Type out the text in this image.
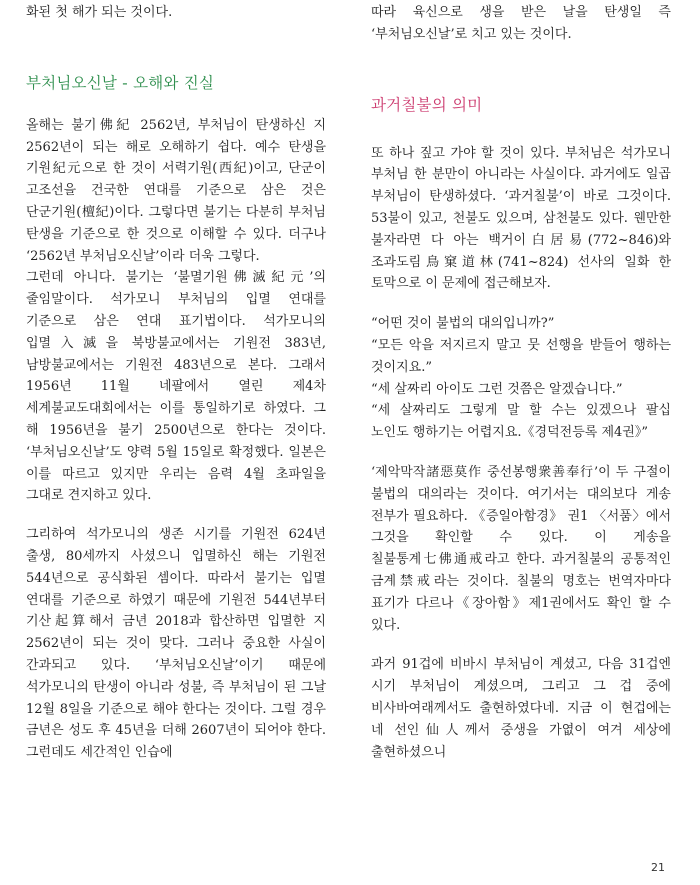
화된 첫 해가 되는 것이다.

부처님오신날 - 오해와 진실

올해는 불기佛紀 2562년, 부처님이 탄생하신 지 2562년이 되는 해로 오해하기 쉽다. 예수 탄생을 기원紀元으로 한 것이 서력기원(西紀)이고, 단군이 고조선을 건국한 연대를 기준으로 삼은 것은 단군기원(檀紀)이다. 그렇다면 불기는 다분히 부처님 탄생을 기준으로 한 것으로 이해할 수 있다. 더구나 ‘2562년 부처님오신날’이라 더욱 그렇다.

그런데 아니다. 불기는 ‘불멸기원佛滅紀元’의 줄임말이다. 석가모니 부처님의 입멸 연대를 기준으로 삼은 연대 표기법이다. 석가모니의 입멸入滅을 북방불교에서는 기원전 383년, 남방불교에서는 기원전 483년으로 본다. 그래서 1956년 11월 네팔에서 열린 제4차 세계불교도대회에서는 이를 통일하기로 하였다. 그 해 1956년을 불기 2500년으로 한다는 것이다. ‘부처님오신날’도 양력 5월 15일로 확정했다. 일본은 이를 따르고 있지만 우리는 음력 4월 초파일을 그대로 견지하고 있다.

그리하여 석가모니의 생존 시기를 기원전 624년 출생, 80세까지 사셨으니 입멸하신 해는 기원전 544년으로 공식화된 셈이다. 따라서 불기는 입멸 연대를 기준으로 하였기 때문에 기원전 544년부터 기산起算해서 금년 2018과 합산하면 입멸한 지 2562년이 되는 것이 맞다. 그러나 중요한 사실이 간과되고 있다. ‘부처님오신날’이기 때문에 석가모니의 탄생이 아니라 성불, 즉 부처님이 된 그날 12월 8일을 기준으로 해야 한다는 것이다. 그럴 경우 금년은 성도 후 45년을 더해 2607년이 되어야 한다. 그런데도 세간적인 인습에

따라 육신으로 생을 받은 날을 탄생일 즉 ‘부처님오신날’로 치고 있는 것이다.

과거칠불의 의미

또 하나 짚고 가야 할 것이 있다. 부처님은 석가모니 부처님 한 분만이 아니라는 사실이다. 과거에도 일곱 부처님이 탄생하셨다. ‘과거칠불’이 바로 그것이다. 53불이 있고, 천불도 있으며, 삼천불도 있다. 웬만한 불자라면 다 아는 백거이白居易(772~846)와 조과도림鳥窠道林(741~824) 선사의 일화 한 토막으로 이 문제에 접근해보자.

“어떤 것이 불법의 대의입니까?”

“모든 악을 저지르지 말고 뭇 선행을 받들어 행하는 것이지요.”

“세 살짜리 아이도 그런 것쯤은 알겠습니다.”

“세 살짜리도 그렇게 말 할 수는 있겠으나 팔십 노인도 행하기는 어렵지요.《경덕전등록 제4권》”

‘제악막작諸惡莫作 중선봉행衆善奉行’이 두 구절이 불법의 대의라는 것이다. 여기서는 대의보다 게송 전부가 필요하다. 《증일아함경》 권1 〈서품〉에서 그것을 확인할 수 있다. 이 게송을 칠불통계七佛通戒라고 한다. 과거칠불의 공통적인 금계禁戒라는 것이다. 칠불의 명호는 번역자마다 표기가 다르나《장아함》제1권에서도 확인 할 수 있다.

과거 91겁에 비바시 부처님이 계셨고, 다음 31겁엔 시기 부처님이 계셨으며, 그리고 그 겁 중에 비사바여래께서도 출현하였다네. 지금 이 현겁에는 네 선인仙人께서 중생을 가엾이 여겨 세상에 출현하셨으니

21
